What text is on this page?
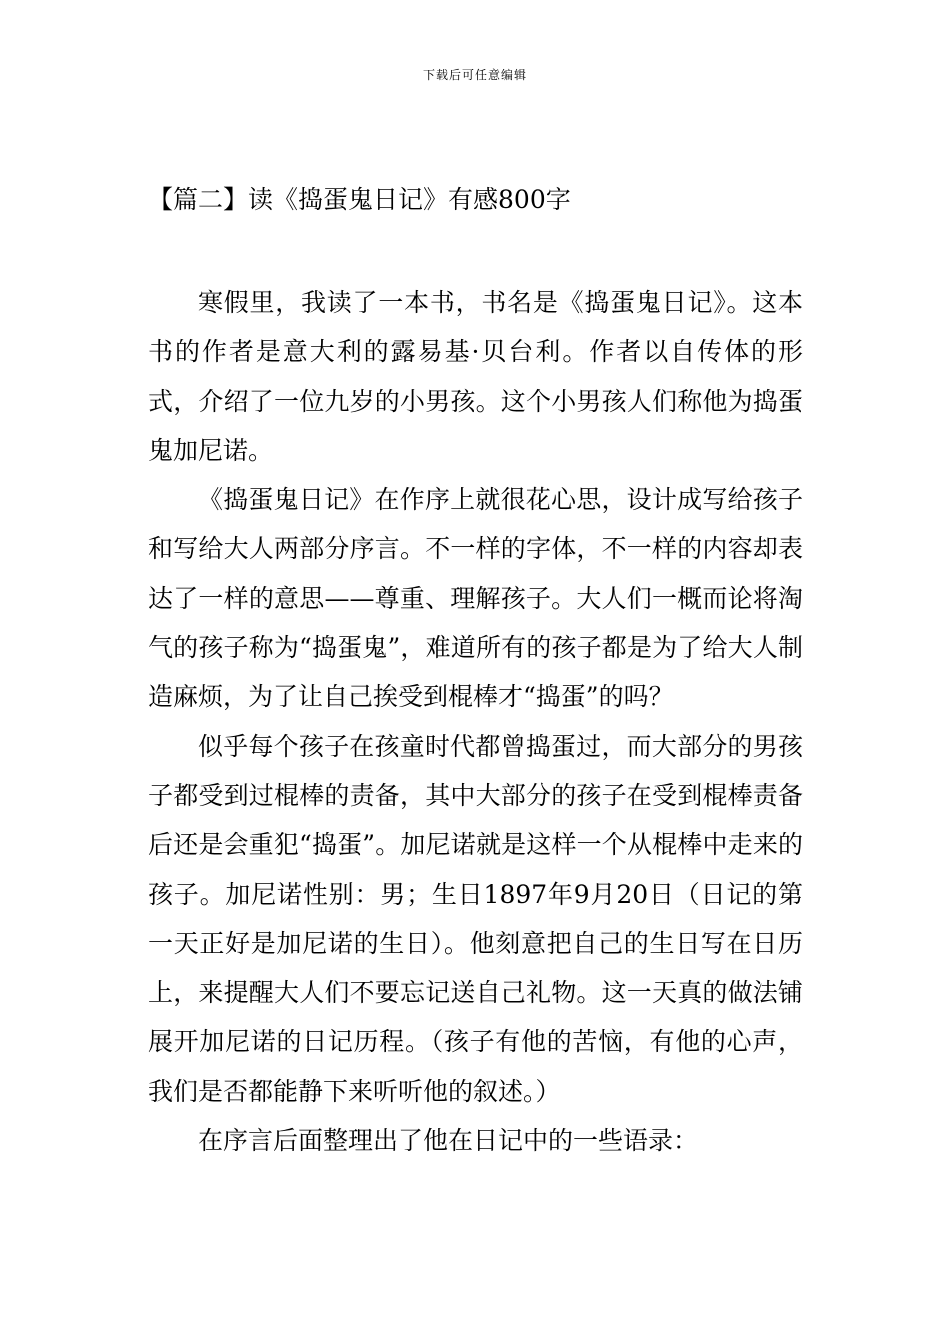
下载后可任意编辑
【篇二】读《捣蛋鬼日记》有感800字

寒假里，我读了一本书，书名是《捣蛋鬼日记》。这本书的作者是意大利的露易基·贝台利。作者以自传体的形式，介绍了一位九岁的小男孩。这个小男孩人们称他为捣蛋鬼加尼诺。

《捣蛋鬼日记》在作序上就很花心思，设计成写给孩子和写给大人两部分序言。不一样的字体，不一样的内容却表达了一样的意思——尊重、理解孩子。大人们一概而论将淘气的孩子称为“捣蛋鬼”，难道所有的孩子都是为了给大人制造麻烦，为了让自己挨受到棍棒才“捣蛋”的吗？

似乎每个孩子在孩童时代都曾捣蛋过，而大部分的男孩子都受到过棍棒的责备，其中大部分的孩子在受到棍棒责备后还是会重犯“捣蛋”。加尼诺就是这样一个从棍棒中走来的孩子。加尼诺性别：男；生日1897年9月20日（日记的第一天正好是加尼诺的生日）。他刻意把自己的生日写在日历上，来提醒大人们不要忘记送自己礼物。这一天真的做法铺展开加尼诺的日记历程。（孩子有他的苦恼，有他的心声，我们是否都能静下来听听他的叙述。）

在序言后面整理出了他在日记中的一些语录：
